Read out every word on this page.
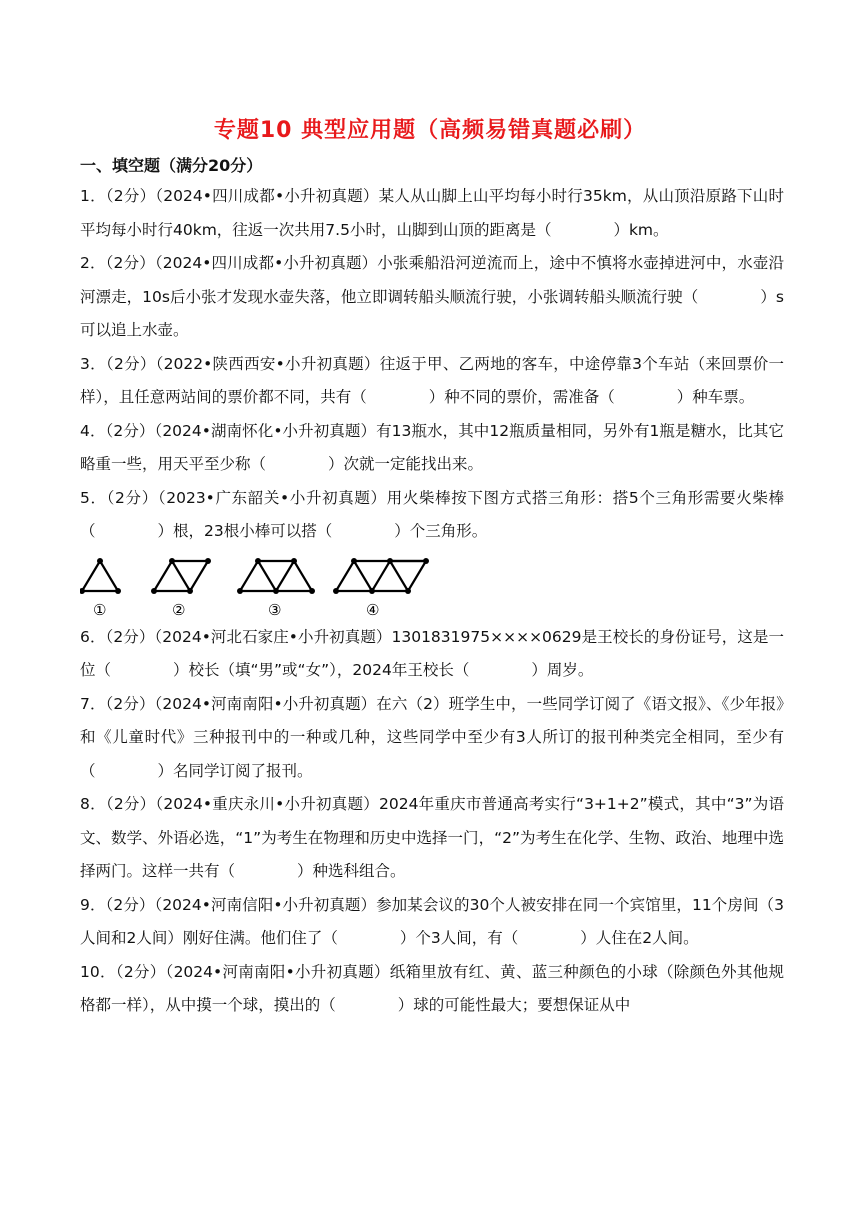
专题10 典型应用题（高频易错真题必刷）
一、填空题（满分20分）

1．（2分）（2024•四川成都•小升初真题）某人从山脚上山平均每小时行35km，从山顶沿原路下山时平均每小时行40km，往返一次共用7.5小时，山脚到山顶的距离是（　　　　）km。

2．（2分）（2024•四川成都•小升初真题）小张乘船沿河逆流而上，途中不慎将水壶掉进河中，水壶沿河漂走，10s后小张才发现水壶失落，他立即调转船头顺流行驶，小张调转船头顺流行驶（　　　　）s可以追上水壶。

3．（2分）（2022•陕西西安•小升初真题）往返于甲、乙两地的客车，中途停靠3个车站（来回票价一样），且任意两站间的票价都不同，共有（　　　　）种不同的票价，需准备（　　　　）种车票。

4．（2分）（2024•湖南怀化•小升初真题）有13瓶水，其中12瓶质量相同，另外有1瓶是糖水，比其它略重一些，用天平至少称（　　　　）次就一定能找出来。

5．（2分）（2023•广东韶关•小升初真题）用火柴棒按下图方式搭三角形：搭5个三角形需要火柴棒（　　　　）根，23根小棒可以搭（　　　　）个三角形。

①	②	③	④

6．（2分）（2024•河北石家庄•小升初真题）1301831975××××0629是王校长的身份证号，这是一位（　　　　）校长（填“男”或“女”），2024年王校长（　　　　）周岁。

7．（2分）（2024•河南南阳•小升初真题）在六（2）班学生中，一些同学订阅了《语文报》、《少年报》和《儿童时代》三种报刊中的一种或几种，这些同学中至少有3人所订的报刊种类完全相同，至少有（　　　　）名同学订阅了报刊。

8．（2分）（2024•重庆永川•小升初真题）2024年重庆市普通高考实行“3+1+2”模式，其中“3”为语文、数学、外语必选，“1”为考生在物理和历史中选择一门，“2”为考生在化学、生物、政治、地理中选择两门。这样一共有（　　　　）种选科组合。

9．（2分）（2024•河南信阳•小升初真题）参加某会议的30个人被安排在同一个宾馆里，11个房间（3人间和2人间）刚好住满。他们住了（　　　　）个3人间，有（　　　　）人住在2人间。

10．（2分）（2024•河南南阳•小升初真题）纸箱里放有红、黄、蓝三种颜色的小球（除颜色外其他规格都一样），从中摸一个球，摸出的（　　　　）球的可能性最大；要想保证从中
